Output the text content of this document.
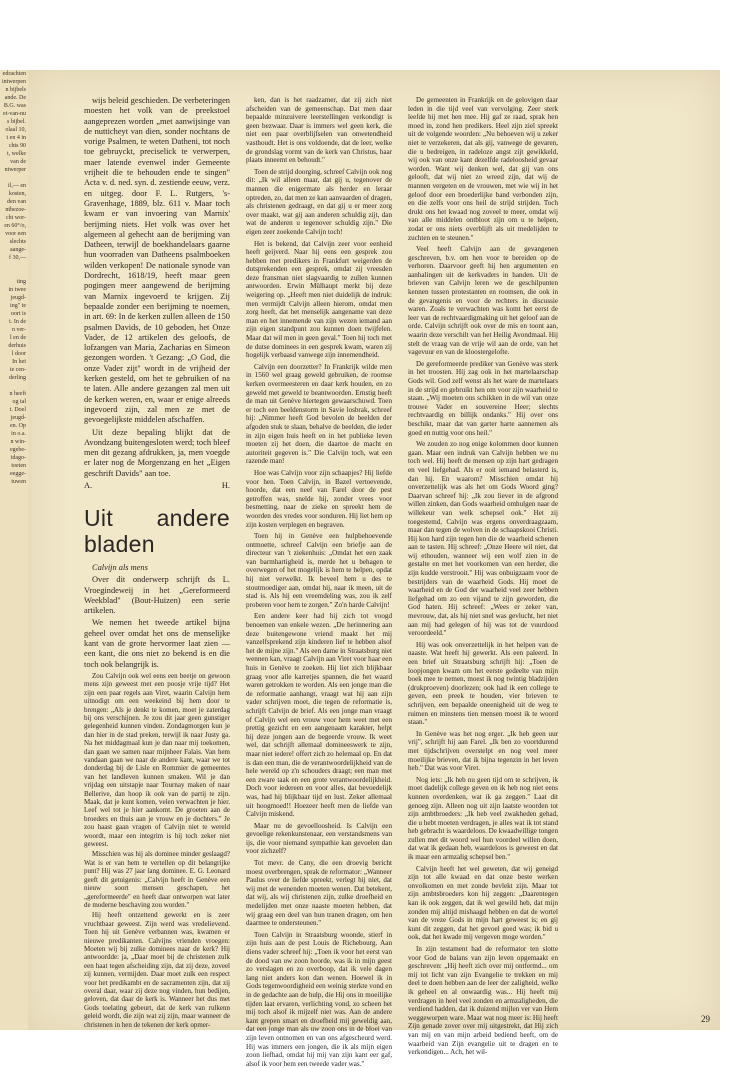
edrachten
intwerpen
n bijbels
ande. De
B.G. was
et-van-nu
s bijbel.
olaal 10,
t en 4 in
chts 90
t, welke
van de
ntwerper

il,— en
kosten,
den van
ntbezoe-
cht wor-
en 60°/o,
voor een
slechts
aange-
f 30,—

ting
in twee
jeugd-
ing" te
oort is
t. In de
n ver-
l en de
derhuis
l door
In het
ie cen-
derling

n heeft
og tal
t. Doel
jeugd-
en. Op
in o.a.
n win-
egebe-
idago-
toeten
eegge-
tuwen

wijs beleid geschieden. De verbeteringen moesten het volk van de preekstoel aangeprezen worden „met aanwijsinge van de nutticheyt van dien, sonder nochtans de vorige Psalmen, te weten Datheni, tot noch toe gebruyckt, preciselick te verwerpen, maer latende evenwel inder Gemeente vrijheit die te behouden ende te singen" Acta v. d. ned. syn. d. zestiende eeuw, verz. en uitgeg. door F. L. Rutgers, 's-Gravenhage, 1889, blz. 611 v. Maar toch kwam er van invoering van Marnix' berijming niets. Het volk was over het algemeen al gehecht aan de berijming van Datheen, terwijl de boekhandelaars gaarne hun voorraden van Datheens psalmboeken wilden verkopen! De nationale synode van Dordrecht, 1618/19, heeft maar geen pogingen meer aangewend de berijming van Marnix ingevoerd te krijgen. Zij bepaalde zonder een berijming te noemen, in art. 69: In de kerken zullen alleen de 150 psalmen Davids, de 10 geboden, het Onze Vader, de 12 artikelen des geloofs, de lofzangen van Maria, Zacharias en Simeon gezongen worden. 't Gezang: „O God, die onze Vader zijt" wordt in de vrijheid der kerken gesteld, om het te gebruiken of na te laten. Alle andere gezangen zal men uit de kerken weren, en, waar er enige alreeds ingevoerd zijn, zal men ze met de gevoegelijkste middelen afschaffen.

Uit deze bepaling blijkt dat de Avondzang buitengesloten werd; toch bleef men dit gezang afdrukken, ja, men voegde er later nog de Morgenzang en het „Eigen geschrift Davids" aan toe.

A.	H.
Uit andere bladen

Calvijn als mens

Over dit onderwerp schrijft ds L. Vroegindeweij in het „Gereformeerd Weekblad" (Bout-Huizen) een serie artikelen.

We nemen het tweede artikel bijna geheel over omdat het ons de menselijke kant van de grote hervormer laat zien — een kant, die ons niet zo bekend is en die toch ook belangrijk is.

Zou Calvijn ook wel eens een beetje on gewoon mens zijn geweest met een poosje vrije tijd? Het zijn een paar regels aan Viret, waarin Calvijn hem uitnodigt om een weekeind bij hem door te brengen: „Als je denkt te komen, moet je zaterdag bij ons verschijnen. Je zou dit jaar geen gunstiger gelegenheid kunnen vinden. Zondagmorgen kun je dan hier in de stad preken, terwijl ik naar Justy ga. Na het middagmaal kun je dan naar mij toekomen, dan gaan we samen naar mijnheer Falais. Van hem vandaan gaan we naar de andere kant, waar we tot donderdag bij de Lisle en Rommier de gemeentes van het landleven kunnen smaken. Wil je dan vrijdag een uitstapje naar Tournay maken of naar Bellerive, dan hoop ik ook van de partij te zijn. Maak, dat je kunt komen, velen verwachten je hier. Leef wel tot je hier aankomt. De groeten aan de broeders en thuis aan je vrouw en je dochters." Je zou haast gaan vragen of Calvijn niet te wereld woordt, maar een integrim is hij toch zeker niet geweest.

Misschien was hij als dominee minder geslaagd? Wat is er van hem te vertellen op dit belangrijke punt? Hij was 27 jaar lang dominee. E. G. Leonard geeft dit getuigenis: „Calvijn heeft in Genève een nieuw soort mensen geschapen, het „gereformeerde" en heeft daar ontworpen wat later de moderne beschaving zou worden."

Hij heeft ontzettend gewerkt en is zeer vruchtbaar geweest. Zijn werd was vredelievend. Toen hij uit Genève verbannen was, kwamen er nieuwe predikanten. Calvijns vrienden vroegen: Moeten wij bij zulke dominees naar de kerk? Hij antwoordde: ja, „Daar moet bij de christenen zulk een haat tegen afscheiding zijn, dat zij deze, zoveel zij kunnen, vermijden. Daar moet zulk een respect voor het predikambt en de sacramenten zijn, dat zij overal daar, waar zij deze nog vinden, hun bedijen, geloven, dat daar de kerk is. Wanneer het dus met Gods toelating gebeurt, dat de kerk van rulkenn geleid wordt, die zijn wat zij zijn, maar wanneer de christenen in hen de tekenen der kerk opmer-

ken, dan is het raadzamer, dat zij zich niet afscheiden van de gemeenschap. Dat men daar bepaalde minzuivere leerstellingen verkondigt is geen bezwaar. Daar is immers wel geen kerk, die niet een paar overblijfselen van onwetendheid vasthoudt. Het is ons voldoende, dat de leer, welke de grondslag vormt van de kerk van Christus, haar plaats inneemt en behoudt."

Toen de strijd doorging, schreef Calvijn ook nog dit: „Ik wil alleen maar, dat gij u, tegenover de mannen die enigermate als herder en leraar optreden, zo, dat men ze kan aanvaarden of dragen, als christenen gedraagt, en dat gij u er meer zorg over maakt, wat gij aan anderen schuldig zijt, dan wat de anderen u tegenover schuldig zijn." Die eigen zeer zoekende Calvijn toch!

Het is bekend, dat Calvijn zeer voor eenheid heeft geijverd. Naar hij eens een gesprek zou hebben met predikers in Frankfurt weigerden de dutsprekenden een gesprek, omdat zij vreesden deze fransman niet slagvaardig te zullen kunnen antwoorden. Erwin Mülhaupt merkt bij deze weigering op. „Heeft men niet duidelijk de indruk: men vermijdt Calvijn alleen hierom, omdat men zorg heeft, dat het menselijk aangename van deze man en het innemende van zijn wezen iemand aan zijn eigen standpunt zou kunnen doen twijfelen. Maar dat wil men in geen geval." Toen hij toch met de dutse dominees in een gesprek kwam, waren zij hogelijk verbaasd vanwege zijn innemendheid.

Calvijn een doorzetter? In Frankrijk wilde men in 1560 wel graag geweld gebruiken, de roomse kerken overmeesteren en daar kerk houden, en zo geweld met geweld te beantwoorden. Ernstig heeft de man uit Genève hiertegen gewaarschuwd. Toen er toch een beeldenstorm in Savie losbrak, schreef hij: „Nimmer heeft God bevolen de beelden der afgoden stuk te slaan, behalve de beelden, die ieder in zijn eigen huis heeft en in het publieke leven moeten zij het doen, die daartoe de macht en autoriteit gegeven is." Die Calvijn toch, wat een razende man!

Hoe was Calvijn voor zijn schaapjes? Hij liefde voor hen. Toen Calvijn, in Bazel vertoevende, hoorde, dat een neef van Farel door de pest getroffen was, snelde hij, zonder vrees voor besmetting, naar de zieke en spreekt hem de woorden des vredes voor sonduren. Hij liet hem op zijn kosten verplegen en begraven.

Toen hij in Genève een hulpbehoevende ontmoette, schreef Calvijn een briefje aan de directeur van 't ziekenhuis: „Omdat het een zaak van barmhartigheid is, merde het u behagen te overwegen of het mogelijk is hem te helpen, opdat hij niet verwelkt. Ik beveel hem u des te stoutmoediger aan, omdat hij, naar ik meen, uit de stad is. Als hij een vreemdeling was, zou ik zelf proberen voor hem te zorgen." Zo'n harde Calvijn!

Een andere keer had hij zich tot voogd benoemen van enkele wezen. „De herinnering aan deze buitengewone vriend maakt het mij vanzelfsprekend zijn kinderen lief te hebben alsof het de mijne zijn." Als een dame in Straatsburg niet wennen kan, vraagt Calvijn aan Viret voor haar een huis in Genève te zoeken. Hij liet zich blijkbaar graag voor alle karretjes spannen, die het waard waren getrokken te worden. Als een jonge man die de reformatie aanhangt, vraagt wat hij aan zijn vader schrijven moet, die tegen de reformatie is, schrijft Calvijn de brief. Als een jonge man vraagt of Calvijn wel een vrouw voor hem weet met een prettig gezicht en een aangenaam karakter, helpt hij deze jongen aan de begeerde vrouw. Ik weet wel, dat schrijft allemaal domineeswerk te zijn, maar niet iedere! offert zich zo helemaal op. En dat is dan een man, die de verantwoordelijkheid van de hele wereld op z'n schouders draagt; een man met een zware taak en een grote verantwoordelijkheid. Doch voor iedereen en voor alles, dat bevoedelijk was, had hij blijkbaar tijd en lust. Zeker allemaal uit hoogmoed!! Hoezeer heeft men de liefde van Calvijn miskend.

Maar nu de gevoelloosheid. Is Calvijn een gevoelige rekenkunstenaar, een verstandsmens van ijs, die voor niemand sympathie kan gevoelen dan voor zichzelf?

Tot mevr. de Cany, die een droevig bericht moest overbrengen, sprak de reformator: „Wanneer Paulus over de liefde spreekt, verlegt hij niet, dat wij met de wenenden moeten wenen. Dat betekent, dat wij, als wij christenen zijn, zulke droefheid en medelijden met onze naaste moeten hebben, dat wij graag een deel van hun tranen dragen, om hen daarmee te ondersteunen."

Toen Calvijn in Straatsburg woonde, stierf in zijn huis aan de pest Louis de Richebourg. Aan diens vader schreef hij: „Toen ik voor het eerst van de dood van uw zoon hoorde, was ik in mijn geest zo verslagen en zo overboop, dat ik vele dagen lang niet anders kon dan wenen. Hoewel ik in Gods tegenwoordigheid een weinig sterkte vond en in de gedachte aan de hulp, die Hij ons in moeilijke tijden laat ervaren, verlichting vond, zo scheen het mij toch alsof ik mijzelf niet was. Aan de andere kant grepen smart en droefheid mij geweldig aan, dat een jonge man als uw zoon ons in de bloei van zijn leven ontnomen en van ons afgescheurd werd. Hij was immers een jongen, die ik als mijn eigen zoon liefhad, omdat hij mij van zijn kant eer gaf, alsof ik voor hem een tweede vader was."

De gemeenten in Frankrijk en de gelovigen daar leden in die tijd veel van vervolging. Zeer sterk leefde hij met hen mee. Hij gaf ze raad, sprak hen moed in, zond hen predikers. Heel zijn ziel spreekt uit de volgende woorden: „Nu behoeven wij u zeker niet te verzekeren, dat als gij, vanwege de gevaren, die u bedreigen, in radeloze angst zijt gewikkeld, wij ook van onze kant dezelfde radeloosheid gevaar worden. Want wij denken wel, dat gij van ons gelooft, dat wij niet zo wreed zijn, dat wij de mannen vergeten en de vrouwen, met wie wij in het geloof door een broederlijke band verbonden zijn, en die zelfs voor ons heil de strijd strijden. Toch drukt ons het kwaad nog zoveel te meer, omdat wij van alle middelen ontbloot zijn om u te helpen, zodat er ons niets overblijft als uit medelijden te zuchten en te steunen."

Veel heeft Calvijn aan de gevangenen geschreven, b.v. om hen voor te bereiden op de verhoren. Daarvoor geeft hij hen argumenten en aanhalingen uit de kerkvaders in handen. Uit de brieven van Calvijn leren we de geschilpunten kennen tussen protestanten en roomsen, die ook in de gevangenis en voor de rechters in discussie waren. Zoals te verwachten was komt het eerst de leer van de rechtvaardigmaking uit het geloof aan de orde. Calvijn schrijft ook over de mis en toont aan, waarin deze verschilt van het Heilig Avondmaal. Hij stelt de vraag van de vrije wil aan de orde, van het vagevuur en van de kloostergelofte.

De gereformeerde prediker van Genève was sterk in het troosten. Hij zag ook in het martelaarschap Gods wil. God zelf wenst als het ware de martelaars in de strijd en gebruikt hen om voor zijn waarheid te staan. „Wij moeten ons schikken in de wil van onze trouwe Vader en souvereine Heer; slechts rechtvaardig en billijk ondanks." Hij over ons beschikt, maar dat van garter harte aannemen als goed en nuttig voor ons heil."

We zouden zo nog enige kolommen door kunnen gaan. Maar een indruk van Calvijn hebben we nu toch wel. Hij heeft de mensen op zijn hart gedragen en veel liefgehad. Als er ooit iemand belasterd is, dan hij. En waarom? Misschien omdat hij onverzettelijk was als het om Gods Woord ging? Daarvan schreef hij: „Ik zou liever in de afgrond willen zinken, dan Gods waarheid omhulgen naar de willekeur van welk schepsel ook." Het zij toegestemd, Calvijn was ergens onverdraagzaam, maar dan tegen de wolven in de schaapskooi Christi. Hij kon hard zijn tegen hen die de waarheid schenen aan te tasten. Hij schreef: „Onze Heere wil niet, dat wij ethouden, wanneer wij een wolf zien in de gestalte en met het voorkomen van een herder, die zijn kudde verstrooit." Hij was onbuigzaam voor de bestrijders van de waarheid Gods. Hij moet de waarheid en de God der waarheid veel zeer hebben liefgehad om zo een vijand te zijn geworden, die God haten. Hij schreef: „Wees er zeker van, mevrouw, dat, als hij niet snel was gevlucht, het niet aan mij had gelegen of hij was tot de vuurdood veroordeeld."

Hij was ook onverzettelijk in het helpen van de naaste. Wat heeft hij gewerkt. Als een paleerd. In een brief uit Straatsburg schrijft hij: „Toen de loopjongen kwam om het eerste gedeelte van mijn boek mee te nemen, moest ik nog twintig bladzijden (drukproeven) doorlezen; ook had ik een college te geven, een preek te houden, vier brieven te schrijven, een bepaalde oneenigheid uit de weg te ruimen en minstens tien mensen moest ik te woord staan."

In Genève was het nog erger. „Ik heb geen uur vrij", schrijft hij aan Farel. „Ik ben zo voortdurend met tijdschrijven overstelpt en nog veel meer moeilijke brieven, dat ik bijna tegenzin in het leven heb." Dat was voor Viret.

Nog iets: „Ik heb nu geen tijd om te schrijven, ik moet dadelijk college geven en ik heb nog niet eens kunnen overdenken, wat ik ga zeggen." Laat dit genoeg zijn. Alleen nog uit zijn laatste woorden tot zijn ambtbroeders: „Ik heb veel zwakheden gehad, die u hebt moeten verdragen, je alles wat ik tot stand heb gebracht is waardeloos. De kwaadwillige tongen zullen met dit woord wel hun voordeel willen doen, dat wat ik gedaan heb, waardeloos is geweest en dat ik maar een armzalig schepsel ben."

Calvijn heeft het wel geweten, dat wij geneigd zijn tot alle kwaad en dat onze beste werken onvolkomen en met zonde bevlekt zijn. Maar tot zijn ambtsbroeders kon hij zeggen: „Daarentegen kan ik ook zeggen, dat ik wel gewild heb, dat mijn zonden mij altijd mishaagd hebben en dat de wortel van de vreze Gods in mijn hart geweest is; en gij kunt dit zeggen, dat het gevoel goed was; ik bid u ook, dat het kwade mij vergeven moge worden."

In zijn testament had de reformator ten slotte voor God de balans van zijn leven opgemaakt en geschreven: „Hij heeft zich over mij ontfermd... om mij tot licht van zijn Evangelie te trekken en mij deel te doen hebben aan de leer der zaligheid, welke ik geheel en al onwaardig was... Hij heeft mij verdragen in heel veel zonden en armzaligheden, die verdiend hadden, dat ik duizend mijlen ver van Hem weggeworpen ware. Maar wat nog meer is: Hij heeft Zijn genade zover over mij uitgestrekt, dat Hij zich van mij en van mijn arbeid bediend heeft, om de waarheid van Zijn evangelie uit te dragen en te verkondigen... Ach, het wil-

29
